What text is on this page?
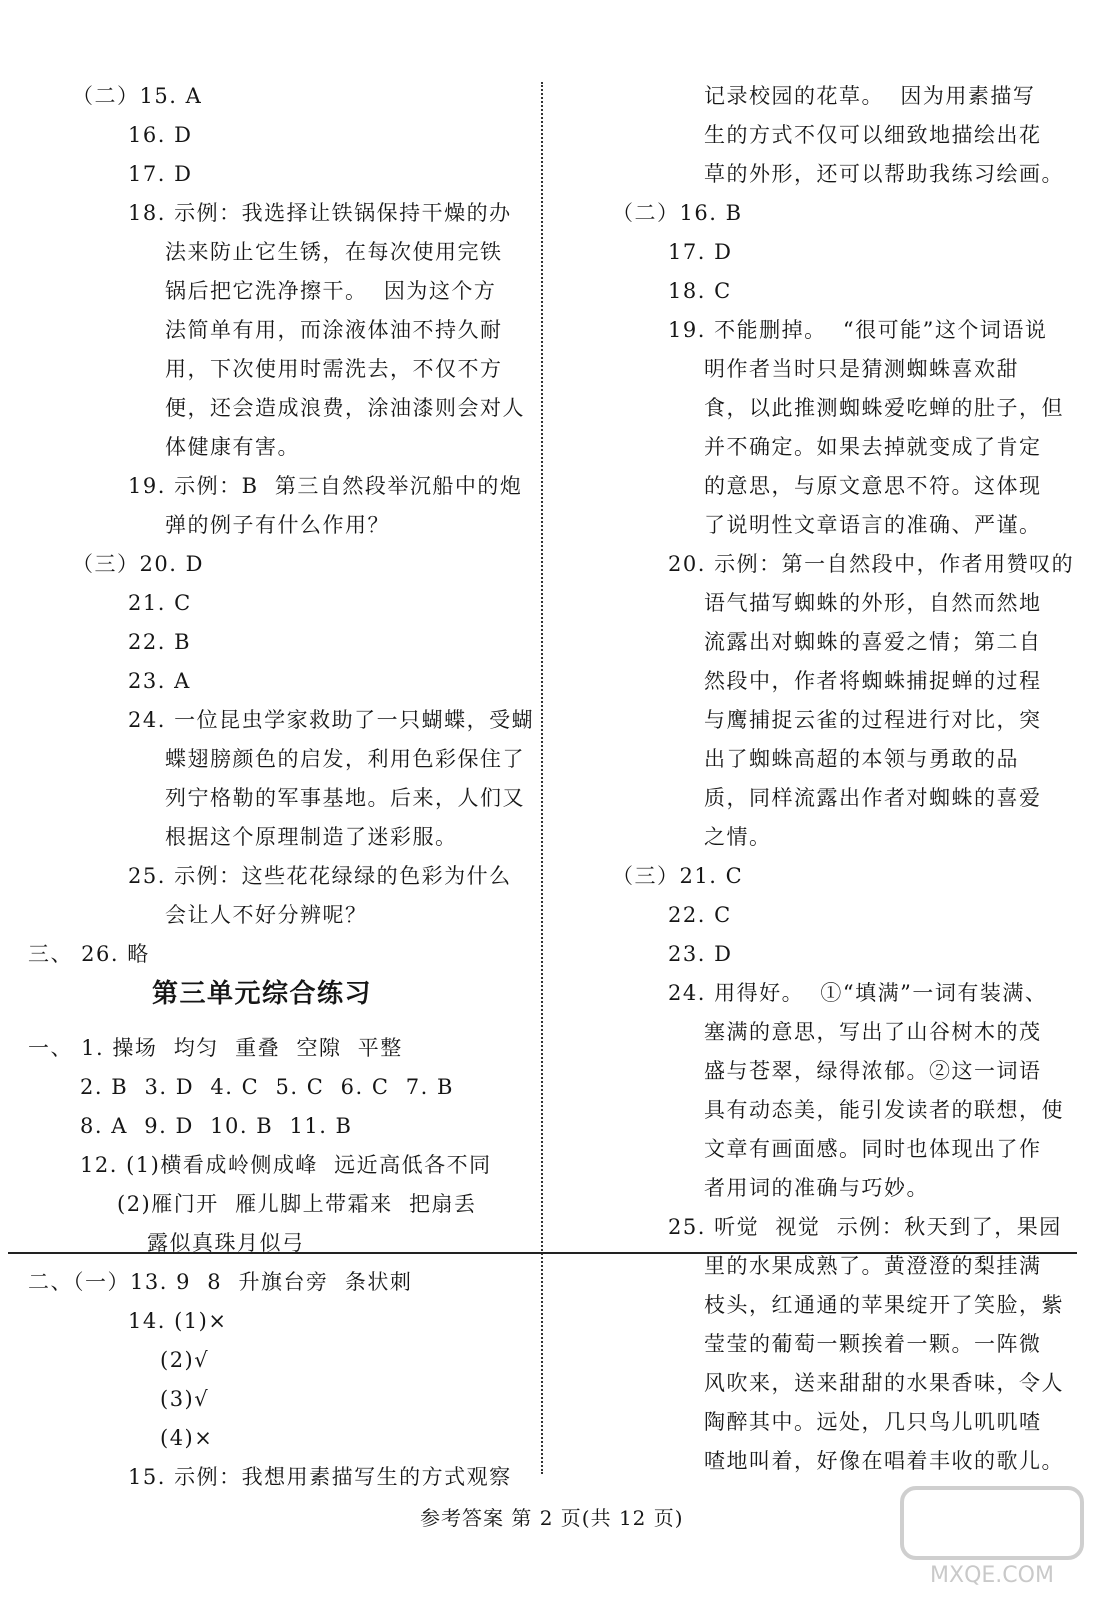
（二）15. A
16. D
17. D
18. 示例：我选择让铁锅保持干燥的办
法来防止它生锈，在每次使用完铁
锅后把它洗净擦干。  因为这个方
法简单有用，而涂液体油不持久耐
用，下次使用时需洗去，不仅不方
便，还会造成浪费，涂油漆则会对人
体健康有害。
19. 示例：B  第三自然段举沉船中的炮
弹的例子有什么作用？
（三）20. D
21. C
22. B
23. A
24. 一位昆虫学家救助了一只蝴蝶，受蝴
蝶翅膀颜色的启发，利用色彩保住了
列宁格勒的军事基地。后来，人们又
根据这个原理制造了迷彩服。
25. 示例：这些花花绿绿的色彩为什么
会让人不好分辨呢？
三、 26. 略
一、 1. 操场  均匀  重叠  空隙  平整
2. B  3. D  4. C  5. C  6. C  7. B
8. A  9. D  10. B  11. B
12. (1)横看成岭侧成峰  远近高低各不同
(2)雁门开  雁儿脚上带霜来  把扇丢
露似真珠月似弓
二、（一）13. 9  8  升旗台旁  条状刺
14. (1)×
(2)√
(3)√
(4)×
15. 示例：我想用素描写生的方式观察
记录校园的花草。  因为用素描写
生的方式不仅可以细致地描绘出花
草的外形，还可以帮助我练习绘画。
（二）16. B
17. D
18. C
19. 不能删掉。  “很可能”这个词语说
明作者当时只是猜测蜘蛛喜欢甜
食，以此推测蜘蛛爱吃蝉的肚子，但
并不确定。如果去掉就变成了肯定
的意思，与原文意思不符。这体现
了说明性文章语言的准确、严谨。
20. 示例：第一自然段中，作者用赞叹的
语气描写蜘蛛的外形，自然而然地
流露出对蜘蛛的喜爱之情；第二自
然段中，作者将蜘蛛捕捉蝉的过程
与鹰捕捉云雀的过程进行对比，突
出了蜘蛛高超的本领与勇敢的品
质，同样流露出作者对蜘蛛的喜爱
之情。
（三）21. C
22. C
23. D
24. 用得好。  ①“填满”一词有装满、
塞满的意思，写出了山谷树木的茂
盛与苍翠，绿得浓郁。②这一词语
具有动态美，能引发读者的联想，使
文章有画面感。同时也体现出了作
者用词的准确与巧妙。
25. 听觉  视觉  示例：秋天到了，果园
里的水果成熟了。黄澄澄的梨挂满
枝头，红通通的苹果绽开了笑脸，紫
莹莹的葡萄一颗挨着一颗。一阵微
风吹来，送来甜甜的水果香味，令人
陶醉其中。远处，几只鸟儿叽叽喳
喳地叫着，好像在唱着丰收的歌儿。
第三单元综合练习
参考答案 第 2 页(共 12 页)
MXQE.COM
